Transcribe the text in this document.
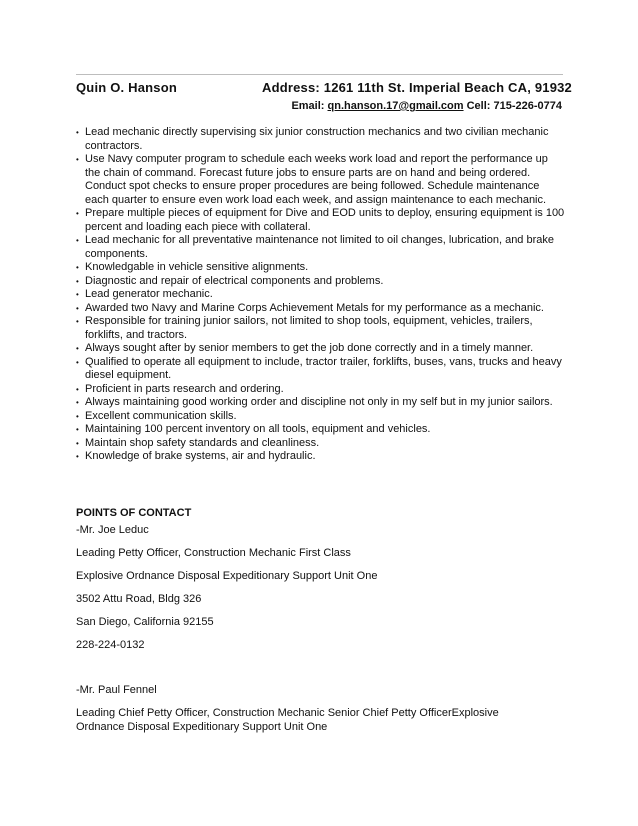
Quin O. Hanson	Address: 1261 11th St. Imperial Beach CA, 91932
Email: qn.hanson.17@gmail.com Cell: 715-226-0774
• Lead mechanic directly supervising six junior construction mechanics and two civilian mechanic contractors.
• Use Navy computer program to schedule each weeks work load and report the performance up the chain of command. Forecast future jobs to ensure parts are on hand and being ordered. Conduct spot checks to ensure proper procedures are being followed. Schedule maintenance each quarter to ensure even work load each week, and assign maintenance to each mechanic.
• Prepare multiple pieces of equipment for Dive and EOD units to deploy, ensuring equipment is 100 percent and loading each piece with collateral.
• Lead mechanic for all preventative maintenance not limited to oil changes, lubrication, and brake components.
• Knowledgable in vehicle sensitive alignments.
• Diagnostic and repair of electrical components and problems.
• Lead generator mechanic.
• Awarded two Navy and Marine Corps Achievement Metals for my performance as a mechanic.
• Responsible for training junior sailors, not limited to shop tools, equipment, vehicles, trailers, forklifts, and tractors.
• Always sought after by senior members to get the job done correctly and in a timely manner.
• Qualified to operate all equipment to include, tractor trailer, forklifts, buses, vans, trucks and heavy diesel equipment.
• Proficient in parts research and ordering.
• Always maintaining good working order and discipline not only in my self but in my junior sailors.
• Excellent communication skills.
• Maintaining 100 percent inventory on all tools, equipment and vehicles.
• Maintain shop safety standards and cleanliness.
• Knowledge of brake systems, air and hydraulic.
POINTS OF CONTACT
-Mr. Joe Leduc
Leading Petty Officer, Construction Mechanic First Class
Explosive Ordnance Disposal Expeditionary Support Unit One
3502 Attu Road, Bldg 326
San Diego, California 92155
228-224-0132
-Mr. Paul Fennel
Leading Chief Petty Officer, Construction Mechanic Senior Chief Petty OfficerExplosive Ordnance Disposal Expeditionary Support Unit One
